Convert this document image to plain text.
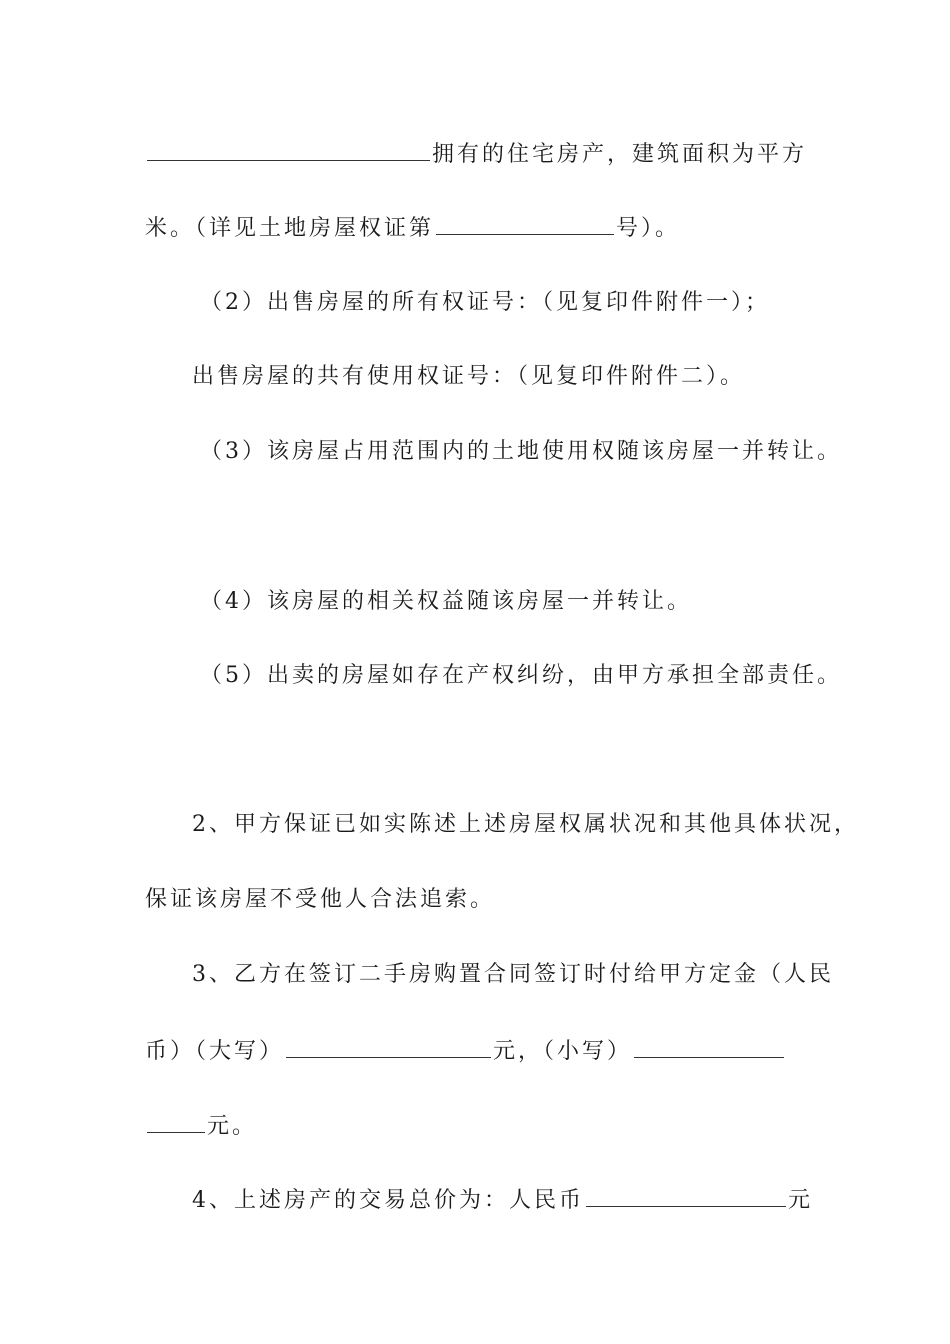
拥有的住宅房产，建筑面积为平方
米。（详见土地房屋权证第	号）。
（2）出售房屋的所有权证号：（见复印件附件一）；
出售房屋的共有使用权证号：（见复印件附件二）。
（3）该房屋占用范围内的土地使用权随该房屋一并转让。
（4）该房屋的相关权益随该房屋一并转让。
（5）出卖的房屋如存在产权纠纷，由甲方承担全部责任。
2、甲方保证已如实陈述上述房屋权属状况和其他具体状况，
保证该房屋不受他人合法追索。
3、乙方在签订二手房购置合同签订时付给甲方定金（人民
币）（大写）	元，（小写）
元。
4、上述房产的交易总价为：人民币	元
